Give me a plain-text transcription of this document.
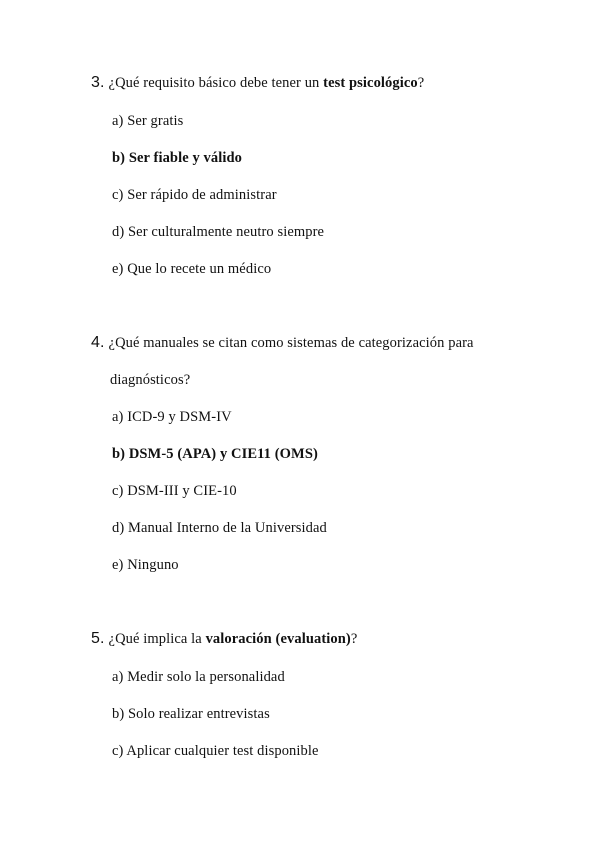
3. ¿Qué requisito básico debe tener un test psicológico?
a) Ser gratis
b) Ser fiable y válido
c) Ser rápido de administrar
d) Ser culturalmente neutro siempre
e) Que lo recete un médico
4. ¿Qué manuales se citan como sistemas de categorización para
diagnósticos?
a) ICD-9 y DSM-IV
b) DSM-5 (APA) y CIE11 (OMS)
c) DSM-III y CIE-10
d) Manual Interno de la Universidad
e) Ninguno
5. ¿Qué implica la valoración (evaluation)?
a) Medir solo la personalidad
b) Solo realizar entrevistas
c) Aplicar cualquier test disponible
